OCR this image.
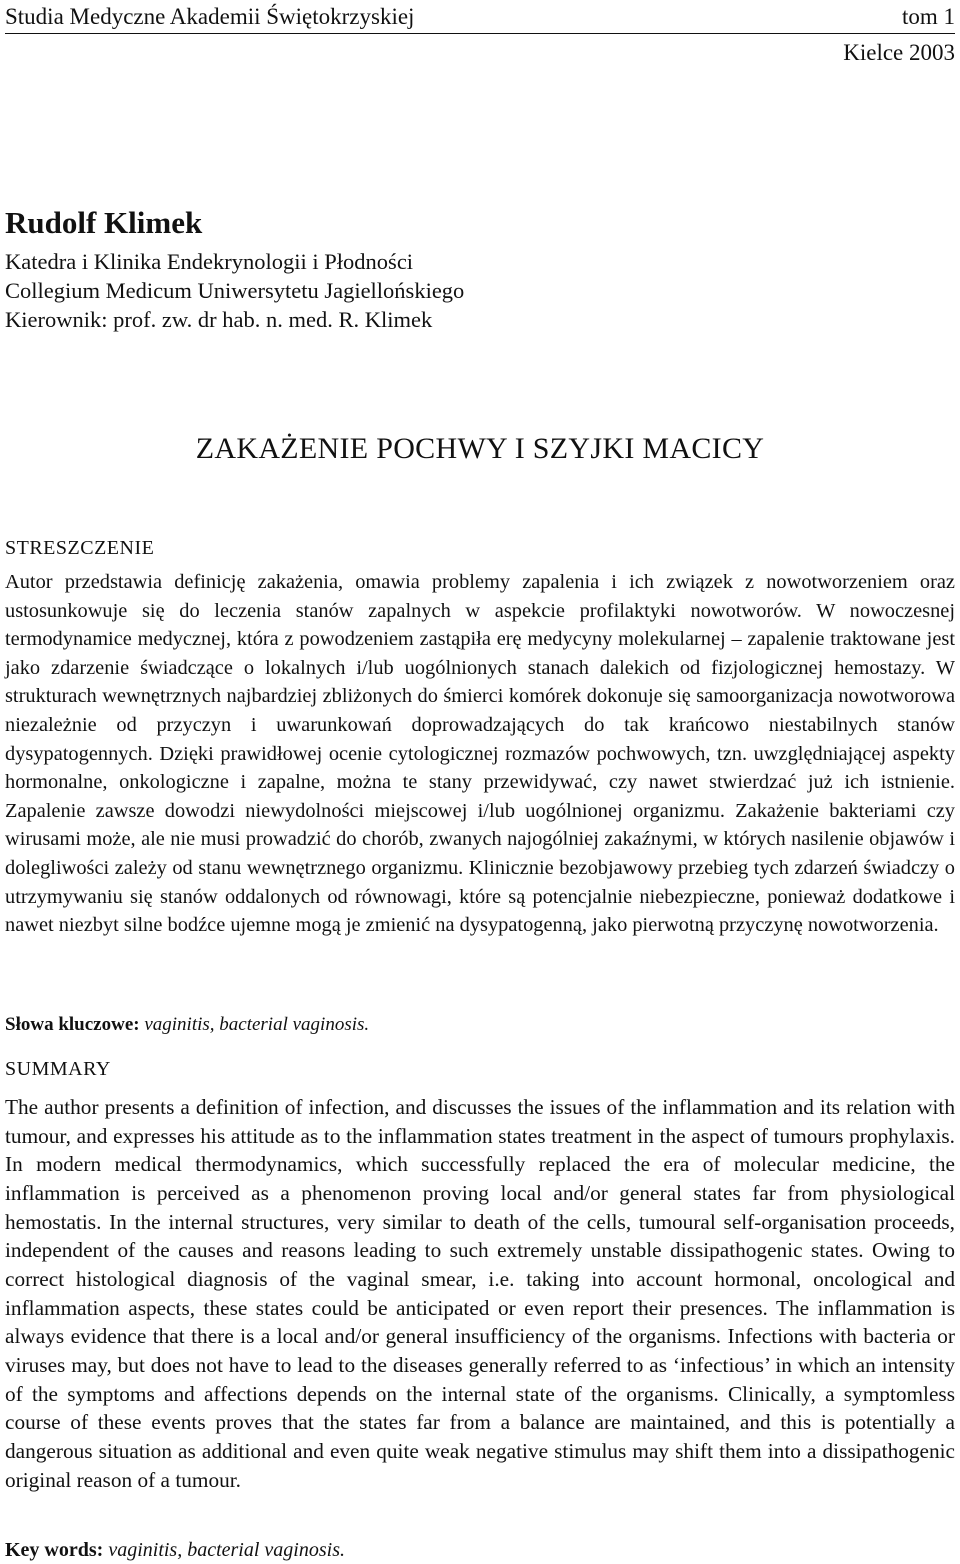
Studia Medyczne Akademii Świętokrzyskiej	tom 1
Kielce 2003
Rudolf Klimek
Katedra i Klinika Endekrynologii i Płodności
Collegium Medicum Uniwersytetu Jagiellońskiego
Kierownik: prof. zw. dr hab. n. med. R. Klimek
ZAKAŻENIE POCHWY I SZYJKI MACICY
STRESZCZENIE
Autor przedstawia definicję zakażenia, omawia problemy zapalenia i ich związek z nowotworzeniem oraz ustosunkowuje się do leczenia stanów zapalnych w aspekcie profilaktyki nowotworów. W nowoczesnej termodynamice medycznej, która z powodzeniem zastąpiła erę medycyny molekularnej – zapalenie traktowane jest jako zdarzenie świadczące o lokalnych i/lub uogólnionych stanach dalekich od fizjologicznej hemostazy. W strukturach wewnętrznych najbardziej zbliżonych do śmierci komórek dokonuje się samoorganizacja nowotworowa niezależnie od przyczyn i uwarunkowań doprowadzających do tak krańcowo niestabilnych stanów dysypatogennych. Dzięki prawidłowej ocenie cytologicznej rozmazów pochwowych, tzn. uwzględniającej aspekty hormonalne, onkologiczne i zapalne, można te stany przewidywać, czy nawet stwierdzać już ich istnienie. Zapalenie zawsze dowodzi niewydolności miejscowej i/lub uogólnionej organizmu. Zakażenie bakteriami czy wirusami może, ale nie musi prowadzić do chorób, zwanych najogólniej zakaźnymi, w których nasilenie objawów i dolegliwości zależy od stanu wewnętrznego organizmu. Klinicznie bezobjawowy przebieg tych zdarzeń świadczy o utrzymywaniu się stanów oddalonych od równowagi, które są potencjalnie niebezpieczne, ponieważ dodatkowe i nawet niezbyt silne bodźce ujemne mogą je zmienić na dysypatogenną, jako pierwotną przyczynę nowotworzenia.
Słowa kluczowe: vaginitis, bacterial vaginosis.
SUMMARY
The author presents a definition of infection, and discusses the issues of the inflammation and its relation with tumour, and expresses his attitude as to the inflammation states treatment in the aspect of tumours prophylaxis. In modern medical thermodynamics, which successfully replaced the era of molecular medicine, the inflammation is perceived as a phenomenon proving local and/or general states far from physiological hemostatis. In the internal structures, very similar to death of the cells, tumoural self-organisation proceeds, independent of the causes and reasons leading to such extremely unstable dissipathogenic states. Owing to correct histological diagnosis of the vaginal smear, i.e. taking into account hormonal, oncological and inflammation aspects, these states could be anticipated or even report their presences. The inflammation is always evidence that there is a local and/or general insufficiency of the organisms. Infections with bacteria or viruses may, but does not have to lead to the diseases generally referred to as ‘infectious’ in which an intensity of the symptoms and affections depends on the internal state of the organisms. Clinically, a symptomless course of these events proves that the states far from a balance are maintained, and this is potentially a dangerous situation as additional and even quite weak negative stimulus may shift them into a dissipathogenic original reason of a tumour.
Key words: vaginitis, bacterial vaginosis.
